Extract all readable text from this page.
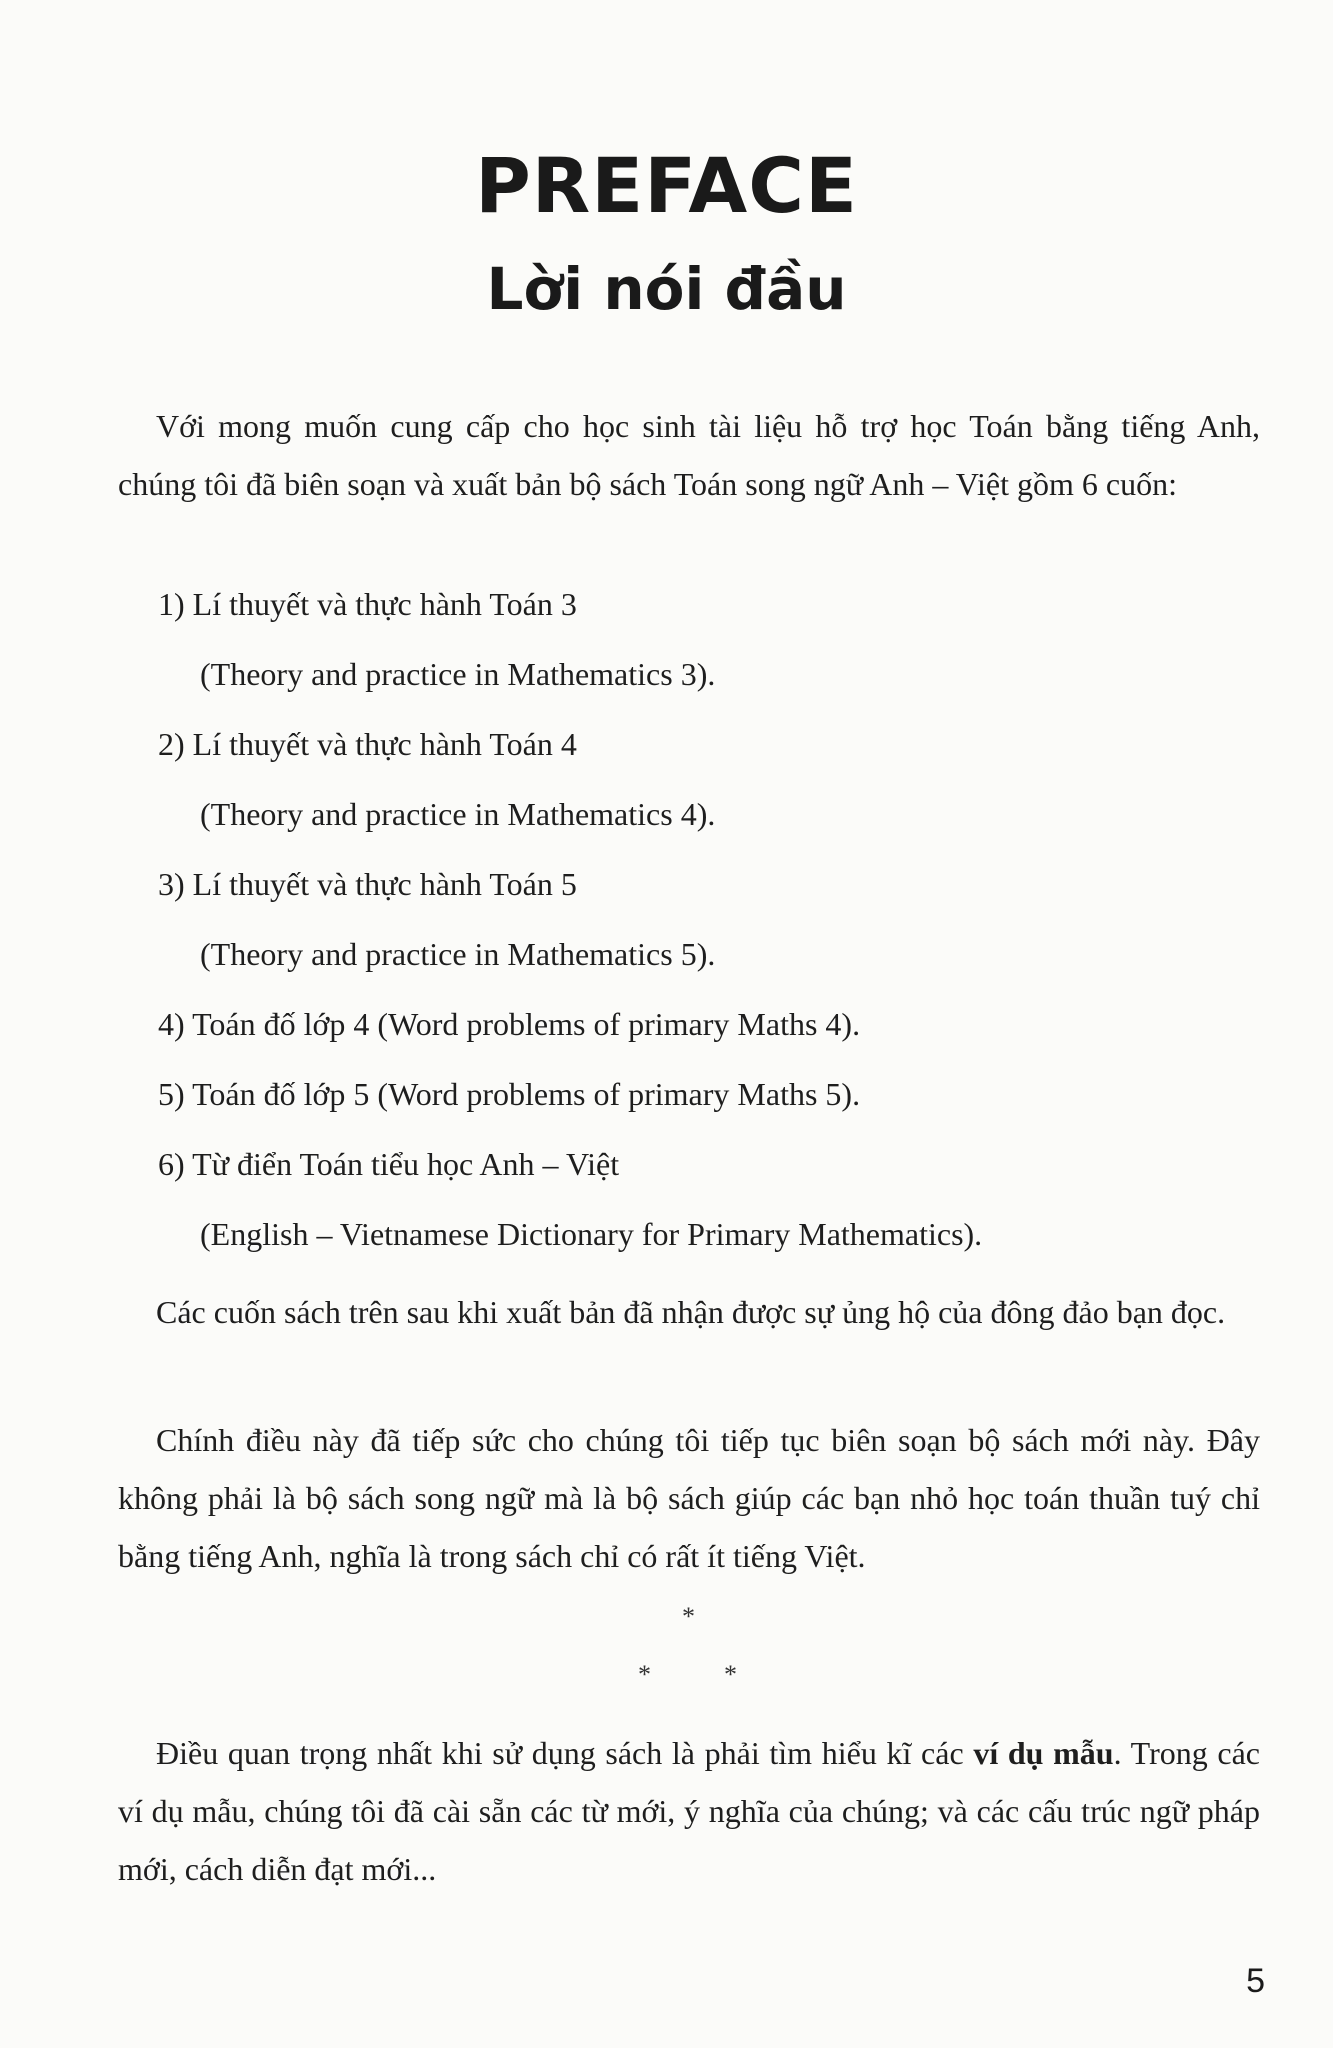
PREFACE
Lời nói đầu

Với mong muốn cung cấp cho học sinh tài liệu hỗ trợ học Toán bằng tiếng Anh, chúng tôi đã biên soạn và xuất bản bộ sách Toán song ngữ Anh – Việt gồm 6 cuốn:

1) Lí thuyết và thực hành Toán 3
(Theory and practice in Mathematics 3).
2) Lí thuyết và thực hành Toán 4
(Theory and practice in Mathematics 4).
3) Lí thuyết và thực hành Toán 5
(Theory and practice in Mathematics 5).
4) Toán đố lớp 4 (Word problems of primary Maths 4).
5) Toán đố lớp 5 (Word problems of primary Maths 5).
6) Từ điển Toán tiểu học Anh – Việt
(English – Vietnamese Dictionary for Primary Mathematics).

Các cuốn sách trên sau khi xuất bản đã nhận được sự ủng hộ của đông đảo bạn đọc.

Chính điều này đã tiếp sức cho chúng tôi tiếp tục biên soạn bộ sách mới này. Đây không phải là bộ sách song ngữ mà là bộ sách giúp các bạn nhỏ học toán thuần tuý chỉ bằng tiếng Anh, nghĩa là trong sách chỉ có rất ít tiếng Việt.

*
*	*

Điều quan trọng nhất khi sử dụng sách là phải tìm hiểu kĩ các ví dụ mẫu. Trong các ví dụ mẫu, chúng tôi đã cài sẵn các từ mới, ý nghĩa của chúng; và các cấu trúc ngữ pháp mới, cách diễn đạt mới...

5
